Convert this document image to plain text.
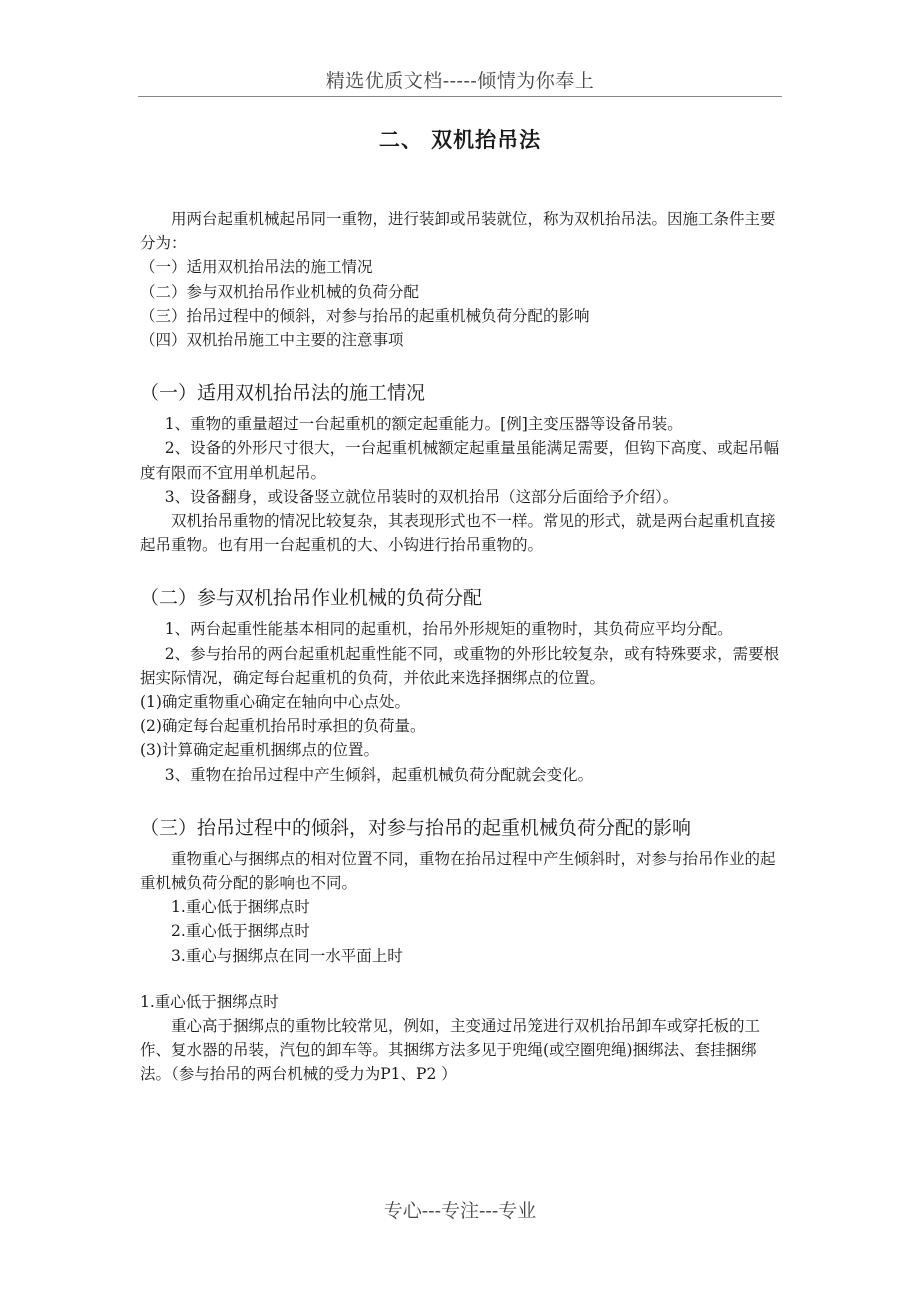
精选优质文档-----倾情为你奉上
二、 双机抬吊法

用两台起重机械起吊同一重物，进行装卸或吊装就位，称为双机抬吊法。因施工条件主要分为：

（一）适用双机抬吊法的施工情况

（二）参与双机抬吊作业机械的负荷分配

（三）抬吊过程中的倾斜，对参与抬吊的起重机械负荷分配的影响

（四）双机抬吊施工中主要的注意事项

（一）适用双机抬吊法的施工情况

1、重物的重量超过一台起重机的额定起重能力。[例]主变压器等设备吊装。

2、设备的外形尺寸很大，一台起重机械额定起重量虽能满足需要，但钩下高度、或起吊幅度有限而不宜用单机起吊。

3、设备翻身，或设备竖立就位吊装时的双机抬吊（这部分后面给予介绍）。

双机抬吊重物的情况比较复杂，其表现形式也不一样。常见的形式，就是两台起重机直接起吊重物。也有用一台起重机的大、小钩进行抬吊重物的。

（二）参与双机抬吊作业机械的负荷分配

1、两台起重性能基本相同的起重机，抬吊外形规矩的重物时，其负荷应平均分配。

2、参与抬吊的两台起重机起重性能不同，或重物的外形比较复杂，或有特殊要求，需要根据实际情况，确定每台起重机的负荷，并依此来选择捆绑点的位置。

(1)确定重物重心确定在轴向中心点处。

(2)确定每台起重机抬吊时承担的负荷量。

(3)计算确定起重机捆绑点的位置。

3、重物在抬吊过程中产生倾斜，起重机械负荷分配就会变化。

（三）抬吊过程中的倾斜，对参与抬吊的起重机械负荷分配的影响

重物重心与捆绑点的相对位置不同，重物在抬吊过程中产生倾斜时，对参与抬吊作业的起重机械负荷分配的影响也不同。

1.重心低于捆绑点时

2.重心低于捆绑点时

3.重心与捆绑点在同一水平面上时

1.重心低于捆绑点时

重心高于捆绑点的重物比较常见，例如，主变通过吊笼进行双机抬吊卸车或穿托板的工作、复水器的吊装，汽包的卸车等。其捆绑方法多见于兜绳(或空圈兜绳)捆绑法、套挂捆绑法。（参与抬吊的两台机械的受力为P1、P2 ）

专心---专注---专业
